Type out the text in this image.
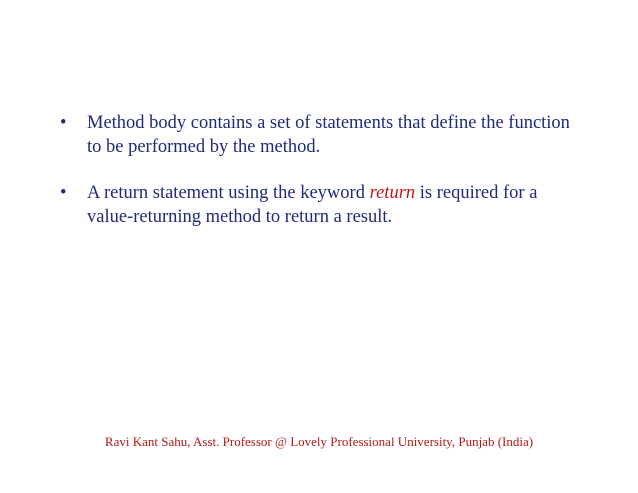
• Method body contains a set of statements that define the function to be performed by the method.
• A return statement using the keyword return is required for a value-returning method to return a result.
Ravi Kant Sahu, Asst. Professor @ Lovely Professional University, Punjab (India)
